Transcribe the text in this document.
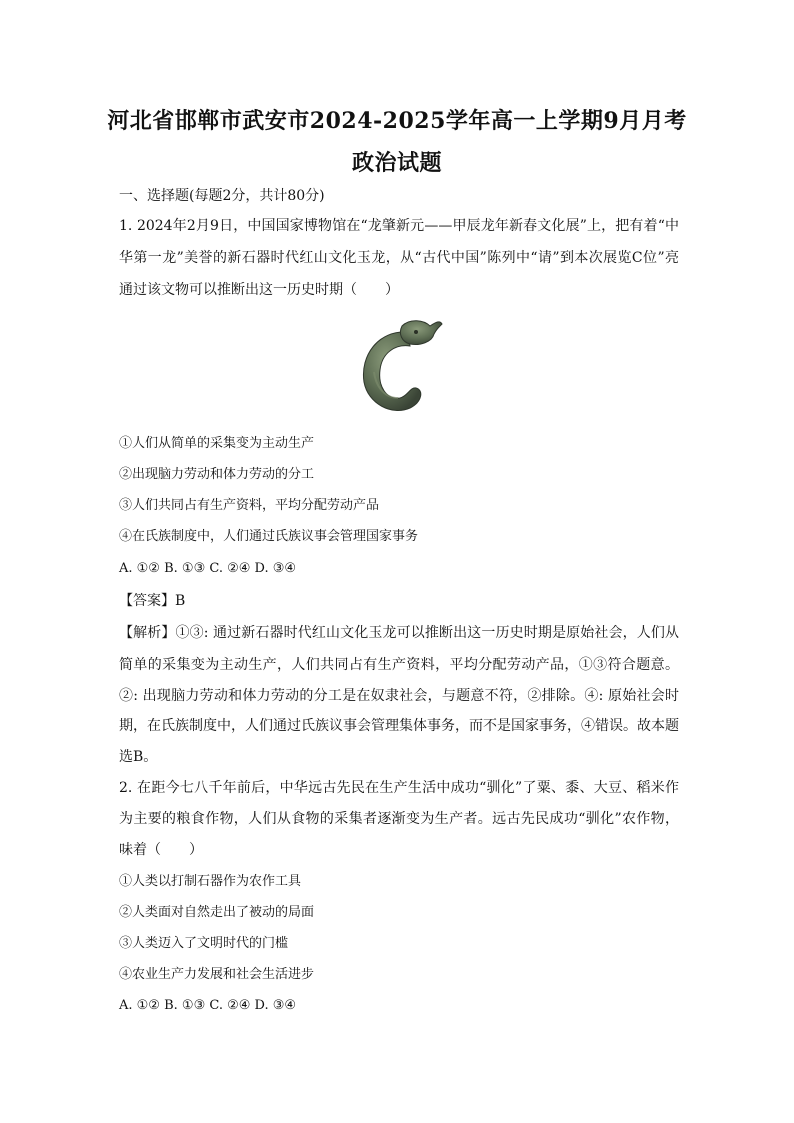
河北省邯郸市武安市2024-2025学年高一上学期9月月考
政治试题
一、选择题(每题2分，共计80分)
1. 2024年2月9日，中国国家博物馆在“龙肇新元——甲辰龙年新春文化展”上，把有着“中
华第一龙”美誉的新石器时代红山文化玉龙，从“古代中国”陈列中“请”到本次展览C位”亮
通过该文物可以推断出这一历史时期（　　）
①人们从简单的采集变为主动生产
②出现脑力劳动和体力劳动的分工
③人们共同占有生产资料，平均分配劳动产品
④在氏族制度中，人们通过氏族议事会管理国家事务
A. ①② B. ①③ C. ②④ D. ③④
【答案】B
【解析】①③: 通过新石器时代红山文化玉龙可以推断出这一历史时期是原始社会，人们从
简单的采集变为主动生产，人们共同占有生产资料，平均分配劳动产品，①③符合题意。
②: 出现脑力劳动和体力劳动的分工是在奴隶社会，与题意不符，②排除。④: 原始社会时
期，在氏族制度中，人们通过氏族议事会管理集体事务，而不是国家事务，④错误。故本题
选B。
2. 在距今七八千年前后，中华远古先民在生产生活中成功“驯化”了粟、黍、大豆、稻米作
为主要的粮食作物，人们从食物的采集者逐渐变为生产者。远古先民成功“驯化”农作物，
味着（　　）
①人类以打制石器作为农作工具
②人类面对自然走出了被动的局面
③人类迈入了文明时代的门槛
④农业生产力发展和社会生活进步
A. ①② B. ①③ C. ②④ D. ③④
